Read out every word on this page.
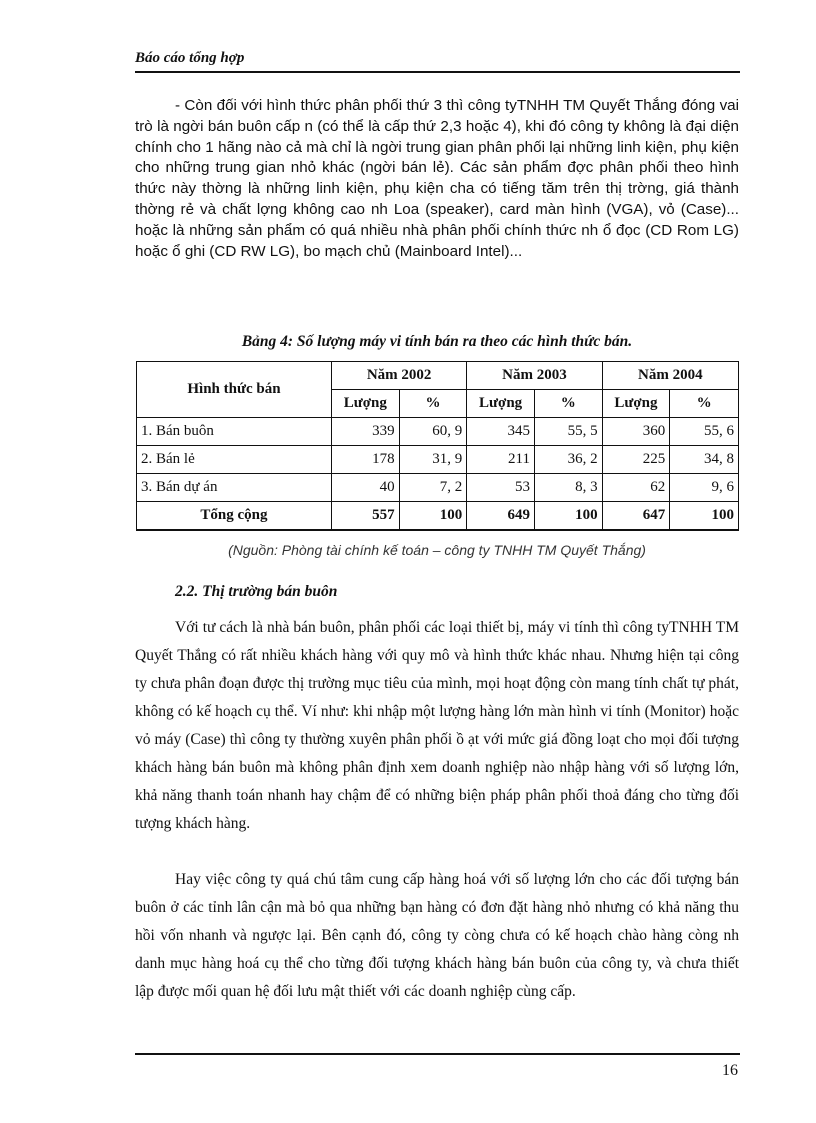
Báo cáo tổng hợp

- Còn đối với hình thức phân phối thứ 3 thì công tyTNHH TM Quyết Thắng đóng vai trò là ngời bán buôn cấp n (có thể là cấp thứ 2,3 hoặc 4), khi đó công ty không là đại diện chính cho 1 hãng nào cả mà chỉ là ngời trung gian phân phối lại những linh kiện, phụ kiện cho những trung gian nhỏ khác (ngời bán lẻ). Các sản phẩm đợc phân phối theo hình thức này thờng là những linh kiện, phụ kiện cha có tiếng tăm trên thị trờng, giá thành thờng rẻ và chất lợng không cao nh Loa (speaker), card màn hình (VGA), vỏ (Case)... hoặc là những sản phẩm có quá nhiều nhà phân phối chính thức nh ổ đọc (CD Rom LG) hoặc ổ ghi (CD RW LG), bo mạch chủ (Mainboard Intel)...

Bảng 4: Số lượng máy vi tính bán ra theo các hình thức bán.
Hình thức bán	Năm 2002		Năm 2003		Năm 2004	
	Lượng	%	Lượng	%	Lượng	%
1. Bán buôn	339	60, 9	345	55, 5	360	55, 6
2. Bán lẻ	178	31, 9	211	36, 2	225	34, 8
3. Bán dự án	40	7, 2	53	8, 3	62	9, 6
Tổng cộng	557	100	649	100	647	100
(Nguồn: Phòng tài chính kế toán – công ty TNHH TM Quyết Thắng)
2.2. Thị trường bán buôn

Với tư cách là nhà bán buôn, phân phối các loại thiết bị, máy vi tính thì công tyTNHH TM Quyết Thắng có rất nhiều khách hàng với quy mô và hình thức khác nhau. Nhưng hiện tại công ty chưa phân đoạn được thị trường mục tiêu của mình, mọi hoạt động còn mang tính chất tự phát, không có kế hoạch cụ thể. Ví như: khi nhập một lượng hàng lớn màn hình vi tính (Monitor) hoặc vỏ máy (Case) thì công ty thường xuyên phân phối ồ ạt với mức giá đồng loạt cho mọi đối tượng khách hàng bán buôn mà không phân định xem doanh nghiệp nào nhập hàng với số lượng lớn, khả năng thanh toán nhanh hay chậm để có những biện pháp phân phối thoả đáng cho từng đối tượng khách hàng.

Hay việc công ty quá chú tâm cung cấp hàng hoá với số lượng lớn cho các đối tượng bán buôn ở các tỉnh lân cận mà bỏ qua những bạn hàng có đơn đặt hàng nhỏ nhưng có khả năng thu hồi vốn nhanh và ngược lại. Bên cạnh đó, công ty còng chưa có kế hoạch chào hàng còng nh danh mục hàng hoá cụ thể cho từng đối tượng khách hàng bán buôn của công ty, và chưa thiết lập được mối quan hệ đối lưu mật thiết với các doanh nghiệp cùng cấp.

16
